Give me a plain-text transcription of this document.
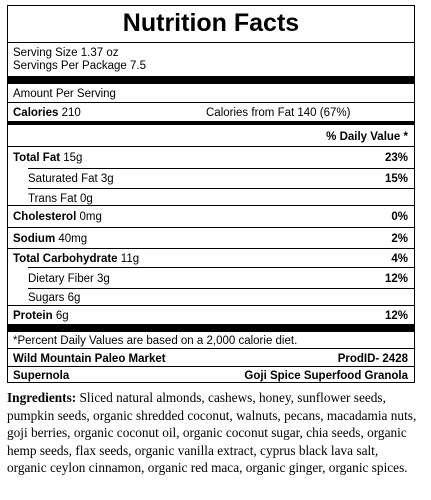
Nutrition Facts
Serving Size 1.37 oz
Servings Per Package 7.5
Amount Per Serving
Calories 210	Calories from Fat 140 (67%)
% Daily Value *
Total Fat 15g	23%
Saturated Fat 3g	15%
Trans Fat 0g
Cholesterol 0mg	0%
Sodium 40mg	2%
Total Carbohydrate 11g	4%
Dietary Fiber 3g	12%
Sugars 6g
Protein 6g	12%
*Percent Daily Values are based on a 2,000 calorie diet.
Wild Mountain Paleo Market	ProdID- 2428
Supernola	Goji Spice Superfood Granola
Ingredients: Sliced natural almonds, cashews, honey, sunflower seeds, pumpkin seeds, organic shredded coconut, walnuts, pecans, macadamia nuts, goji berries, organic coconut oil, organic coconut sugar, chia seeds, organic hemp seeds, flax seeds, organic vanilla extract, cyprus black lava salt, organic ceylon cinnamon, organic red maca, organic ginger, organic spices.
